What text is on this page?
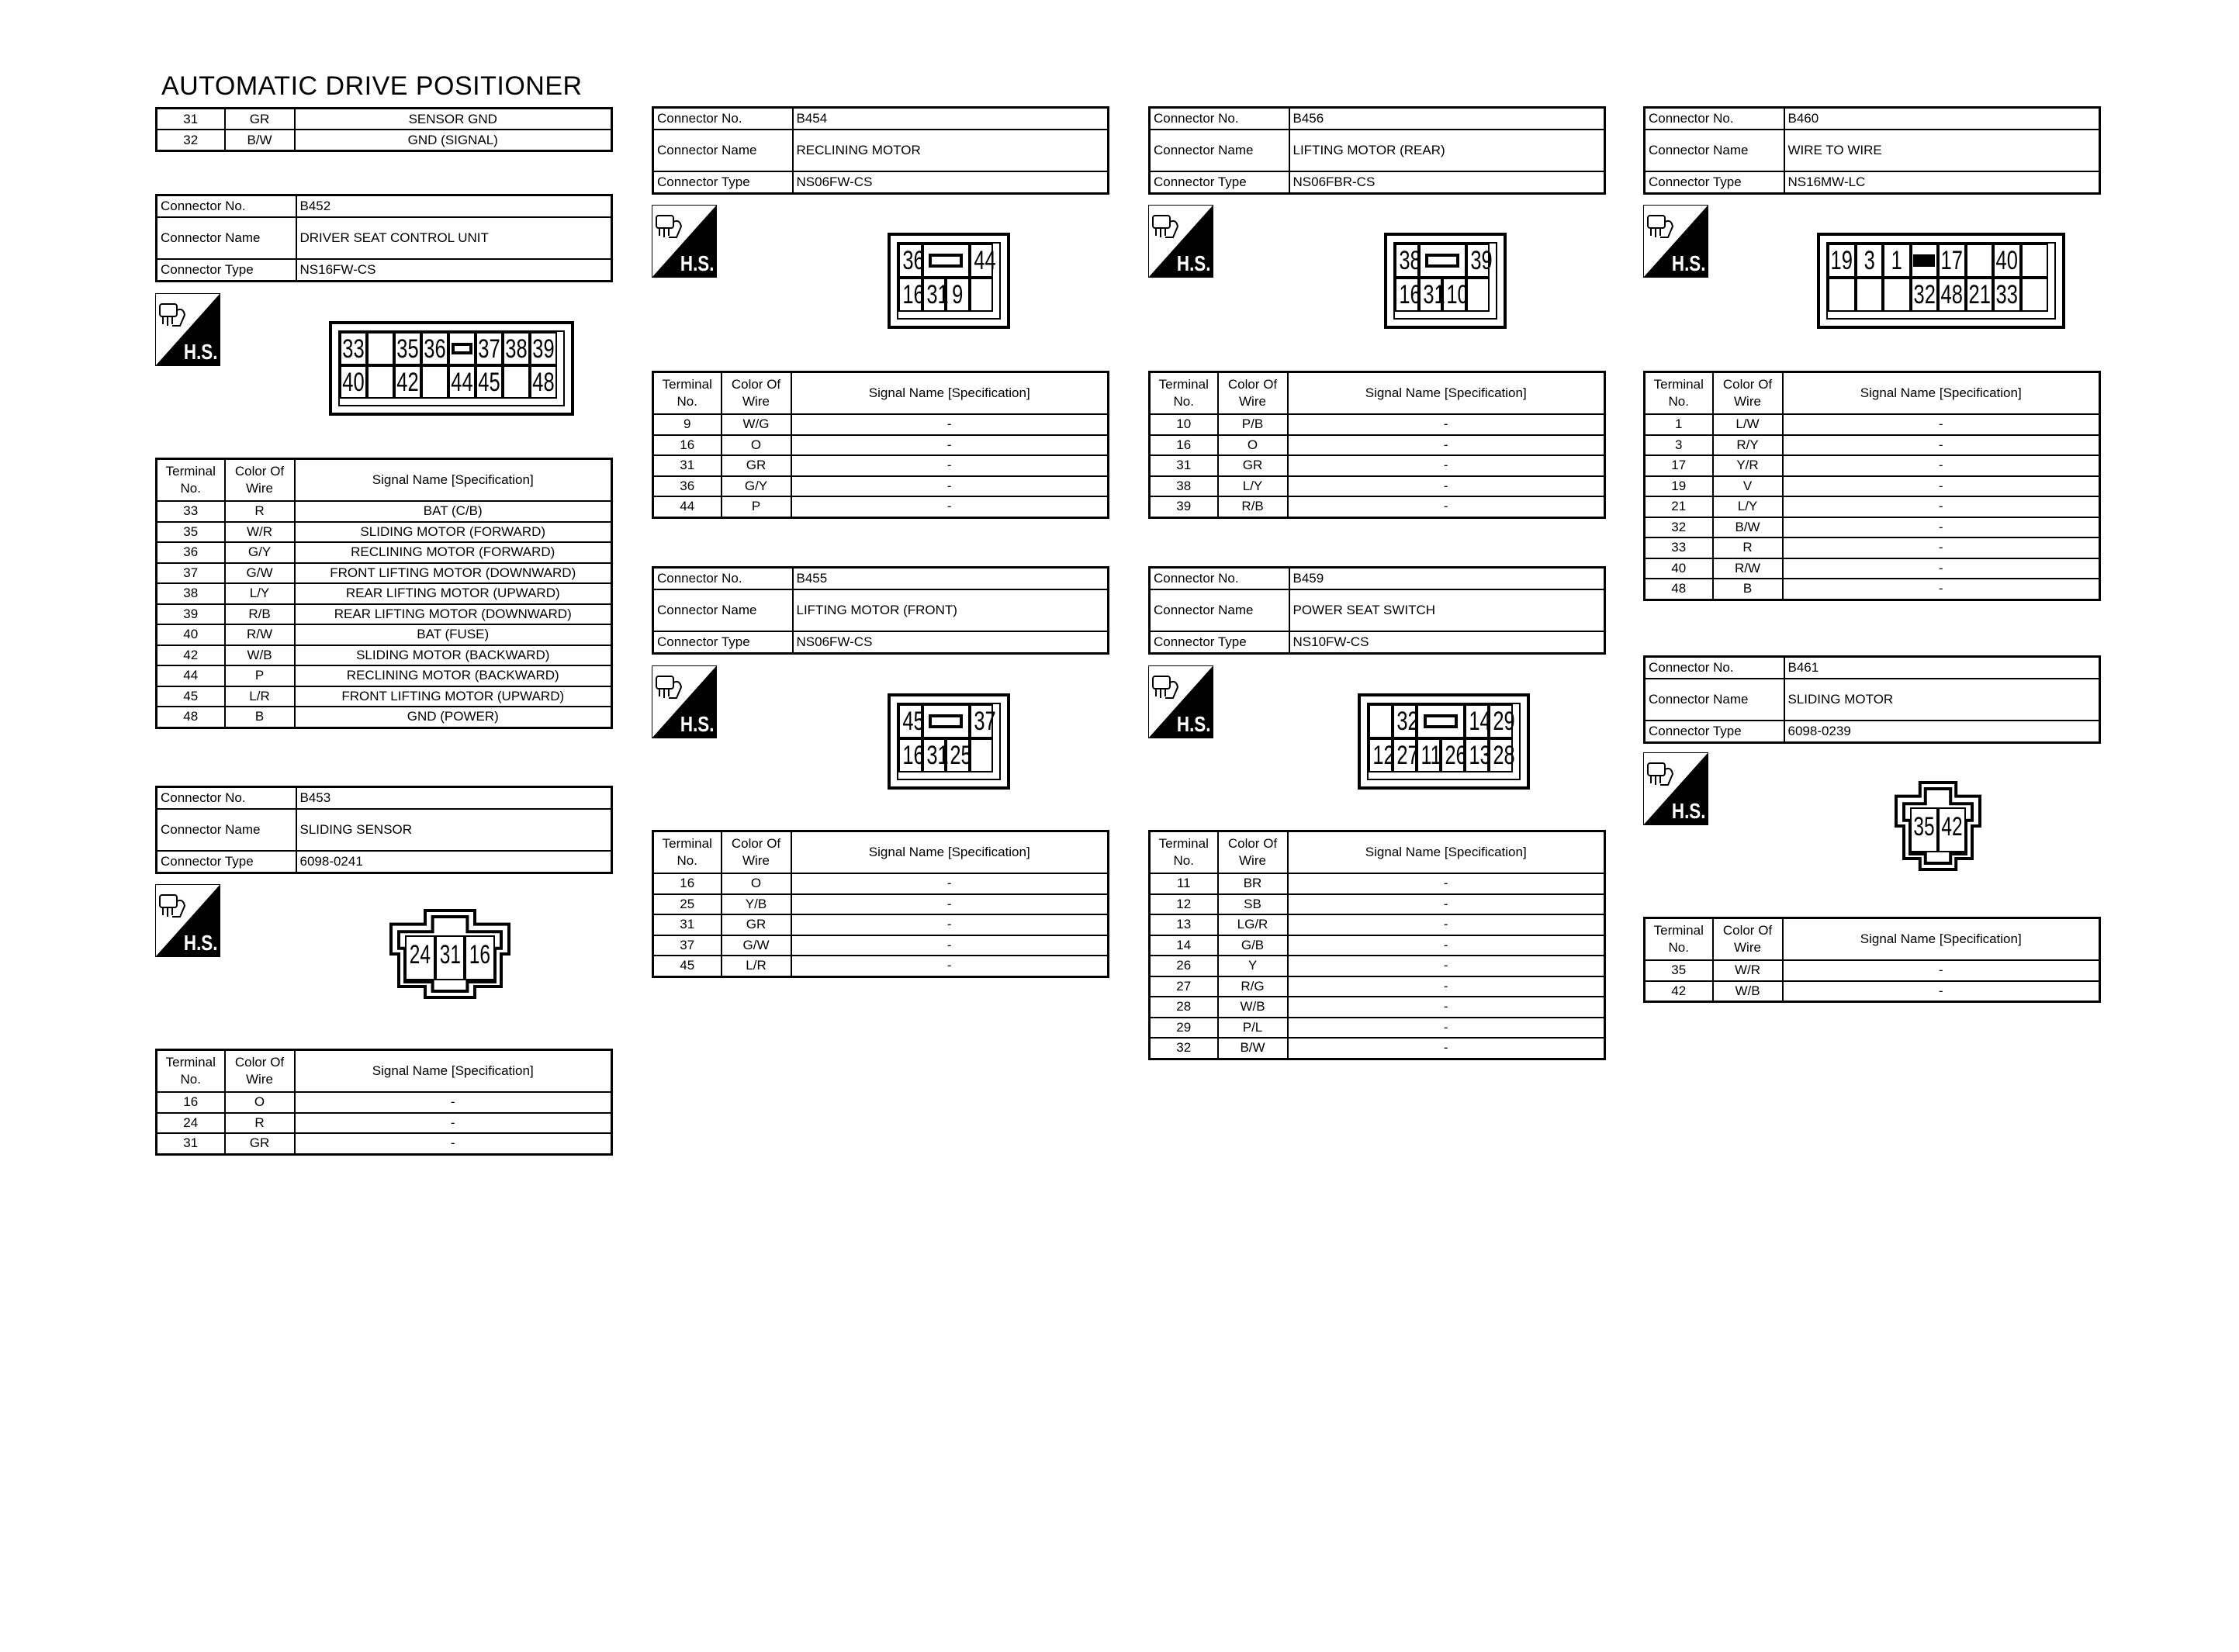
AUTOMATIC DRIVE POSITIONER
31	GR	SENSOR GND
32	B/W	GND (SIGNAL)
Connector No.	B452
Connector Name	DRIVER SEAT CONTROL UNIT
Connector Type	NS16FW-CS
H.S.	33 35 36 37 38 39
40 42 44 45 48
Terminal No.	Color Of Wire	Signal Name [Specification]
33	R	BAT (C/B)
35	W/R	SLIDING MOTOR (FORWARD)
36	G/Y	RECLINING MOTOR (FORWARD)
37	G/W	FRONT LIFTING MOTOR (DOWNWARD)
38	L/Y	REAR LIFTING MOTOR (UPWARD)
39	R/B	REAR LIFTING MOTOR (DOWNWARD)
40	R/W	BAT (FUSE)
42	W/B	SLIDING MOTOR (BACKWARD)
44	P	RECLINING MOTOR (BACKWARD)
45	L/R	FRONT LIFTING MOTOR (UPWARD)
48	B	GND (POWER)
Connector No.	B453
Connector Name	SLIDING SENSOR
Connector Type	6098-0241
H.S.	24 31 16
Terminal No.	Color Of Wire	Signal Name [Specification]
16	O	-
24	R	-
31	GR	-
Connector No.	B454
Connector Name	RECLINING MOTOR
Connector Type	NS06FW-CS
H.S.	36 44
16 31 9
Terminal No.	Color Of Wire	Signal Name [Specification]
9	W/G	-
16	O	-
31	GR	-
36	G/Y	-
44	P	-
Connector No.	B455
Connector Name	LIFTING MOTOR (FRONT)
Connector Type	NS06FW-CS
H.S.	45 37
16 31 25
Terminal No.	Color Of Wire	Signal Name [Specification]
16	O	-
25	Y/B	-
31	GR	-
37	G/W	-
45	L/R	-
Connector No.	B456
Connector Name	LIFTING MOTOR (REAR)
Connector Type	NS06FBR-CS
H.S.	38 39
16 31 10
Terminal No.	Color Of Wire	Signal Name [Specification]
10	P/B	-
16	O	-
31	GR	-
38	L/Y	-
39	R/B	-
Connector No.	B459
Connector Name	POWER SEAT SWITCH
Connector Type	NS10FW-CS
H.S.	32 14 29
12 27 11 26 13 28
Terminal No.	Color Of Wire	Signal Name [Specification]
11	BR	-
12	SB	-
13	LG/R	-
14	G/B	-
26	Y	-
27	R/G	-
28	W/B	-
29	P/L	-
32	B/W	-
Connector No.	B460
Connector Name	WIRE TO WIRE
Connector Type	NS16MW-LC
H.S.	19 3 1 17 40
32 48 21 33
Terminal No.	Color Of Wire	Signal Name [Specification]
1	L/W	-
3	R/Y	-
17	Y/R	-
19	V	-
21	L/Y	-
32	B/W	-
33	R	-
40	R/W	-
48	B	-
Connector No.	B461
Connector Name	SLIDING MOTOR
Connector Type	6098-0239
H.S.
35 42
Terminal No.	Color Of Wire	Signal Name [Specification]
35	W/R	-
42	W/B	-
